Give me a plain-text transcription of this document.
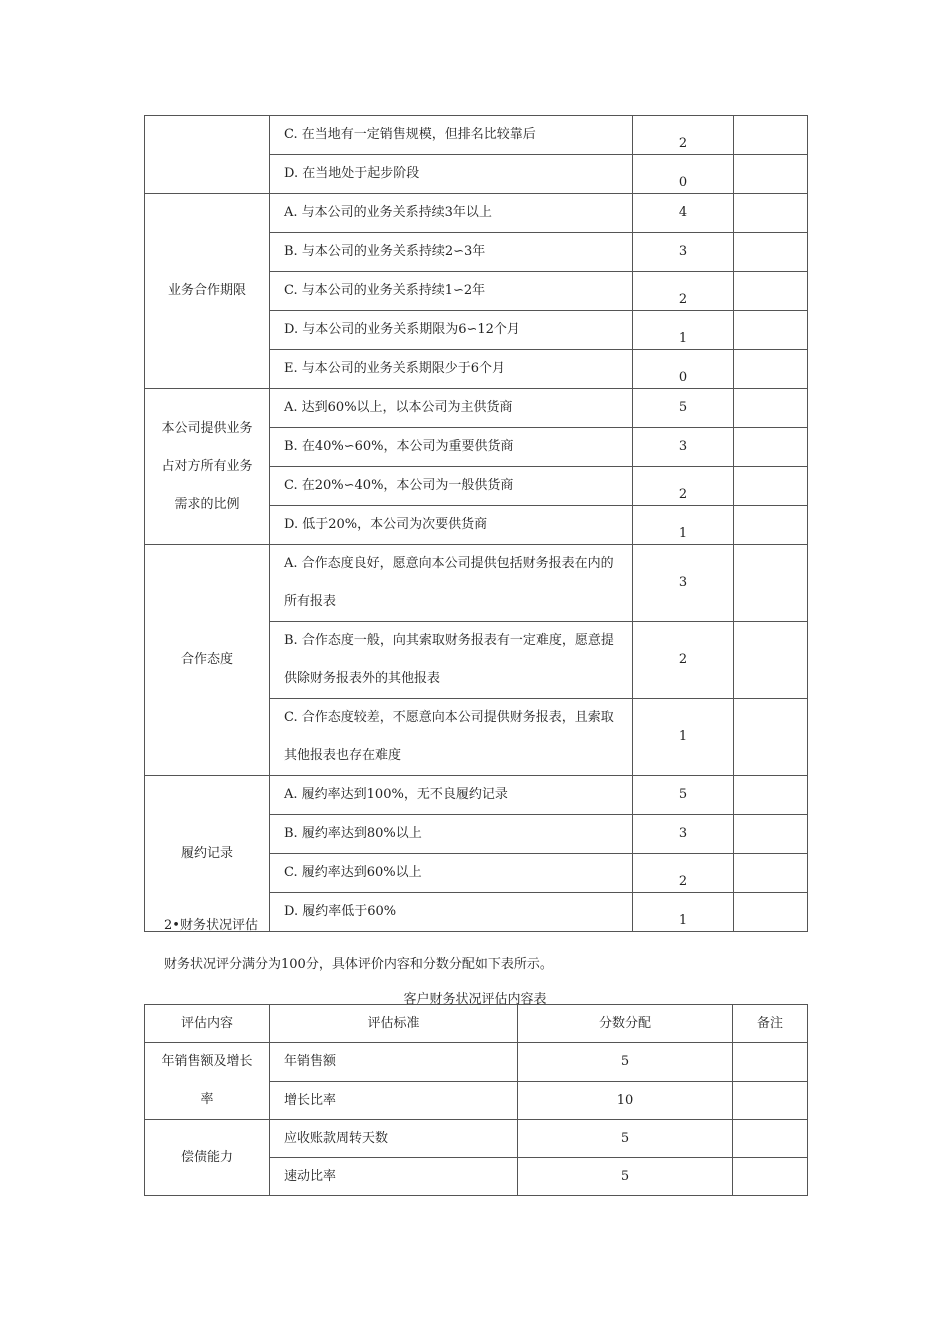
	C. 在当地有一定销售规模，但排名比较靠后	2	

	D. 在当地处于起步阶段	0	

业务合作期限	A. 与本公司的业务关系持续3年以上	4	
	B. 与本公司的业务关系持续2∽3年	3	
	C. 与本公司的业务关系持续1∽2年	2	

	D. 与本公司的业务关系期限为6∽12个月	1	

	E. 与本公司的业务关系期限少于6个月	0	

本公司提供业务占对方所有业务需求的比例	A. 达到60%以上，以本公司为主供货商	5	
	B. 在40%∽60%，本公司为重要供货商	3	
	C. 在20%∽40%，本公司为一般供货商	2	

	D. 低于20%，本公司为次要供货商	1	

合作态度	A. 合作态度良好，愿意向本公司提供包括财务报表在内的所有报表	3	
	B. 合作态度一般，向其索取财务报表有一定难度，愿意提供除财务报表外的其他报表	2	
	C. 合作态度较差，不愿意向本公司提供财务报表，且索取其他报表也存在难度	1	
履约记录	A. 履约率达到100%，无不良履约记录	5	
	B. 履约率达到80%以上	3	
	C. 履约率达到60%以上	2	

	D. 履约率低于60%	1	

2•财务状况评估
财务状况评分满分为100分，具体评价内容和分数分配如下表所示。
客户财务状况评估内容表
评估内容	评估标准	分数分配	备注

年销售额及增长率	年销售额	5	
	增长比率	10	
偿债能力	应收账款周转天数	5	
	速动比率	5	
